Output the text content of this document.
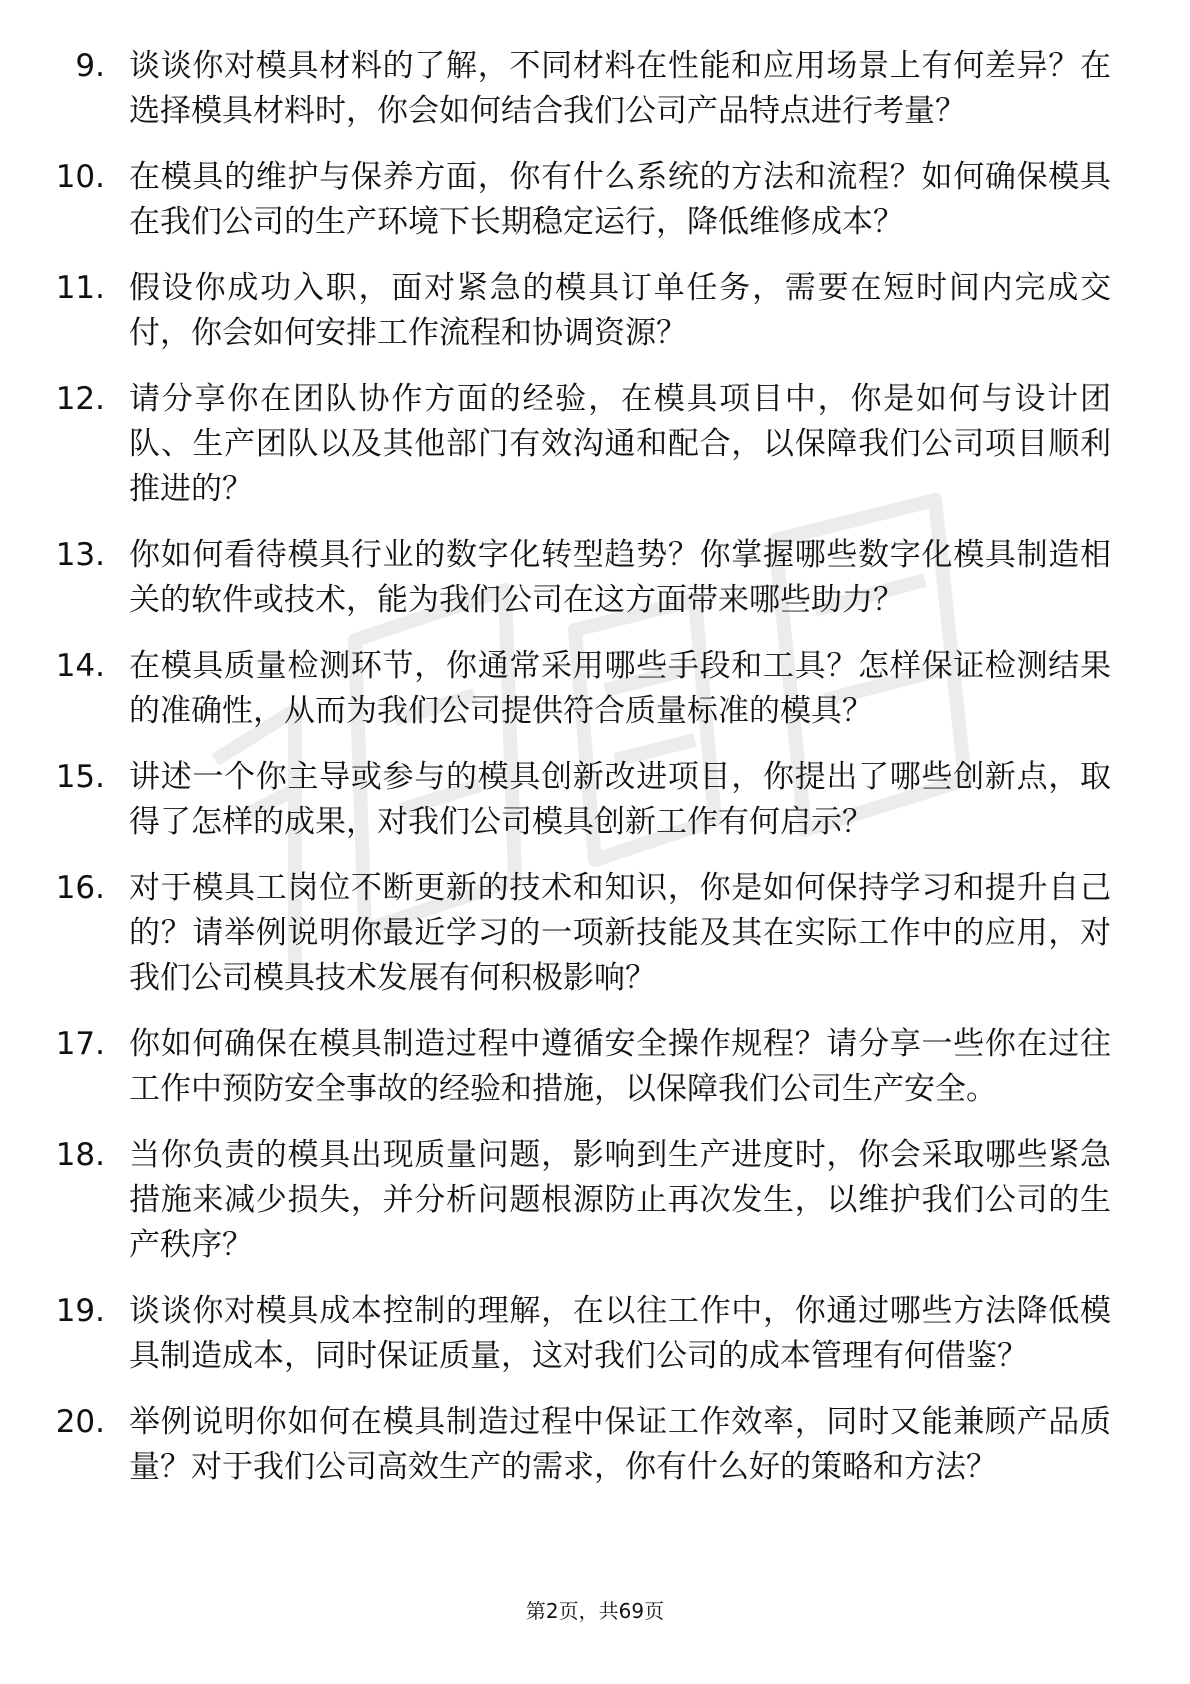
9. 谈谈你对模具材料的了解，不同材料在性能和应用场景上有何差异？在选择模具材料时，你会如何结合我们公司产品特点进行考量？
10. 在模具的维护与保养方面，你有什么系统的方法和流程？如何确保模具在我们公司的生产环境下长期稳定运行，降低维修成本？
11. 假设你成功入职，面对紧急的模具订单任务，需要在短时间内完成交付，你会如何安排工作流程和协调资源？
12. 请分享你在团队协作方面的经验，在模具项目中，你是如何与设计团队、生产团队以及其他部门有效沟通和配合，以保障我们公司项目顺利推进的？
13. 你如何看待模具行业的数字化转型趋势？你掌握哪些数字化模具制造相关的软件或技术，能为我们公司在这方面带来哪些助力？
14. 在模具质量检测环节，你通常采用哪些手段和工具？怎样保证检测结果的准确性，从而为我们公司提供符合质量标准的模具？
15. 讲述一个你主导或参与的模具创新改进项目，你提出了哪些创新点，取得了怎样的成果，对我们公司模具创新工作有何启示？
16. 对于模具工岗位不断更新的技术和知识，你是如何保持学习和提升自己的？请举例说明你最近学习的一项新技能及其在实际工作中的应用，对我们公司模具技术发展有何积极影响？
17. 你如何确保在模具制造过程中遵循安全操作规程？请分享一些你在过往工作中预防安全事故的经验和措施，以保障我们公司生产安全。
18. 当你负责的模具出现质量问题，影响到生产进度时，你会采取哪些紧急措施来减少损失，并分析问题根源防止再次发生，以维护我们公司的生产秩序？
19. 谈谈你对模具成本控制的理解，在以往工作中，你通过哪些方法降低模具制造成本，同时保证质量，这对我们公司的成本管理有何借鉴？
20. 举例说明你如何在模具制造过程中保证工作效率，同时又能兼顾产品质量？对于我们公司高效生产的需求，你有什么好的策略和方法？
第2页，共69页
